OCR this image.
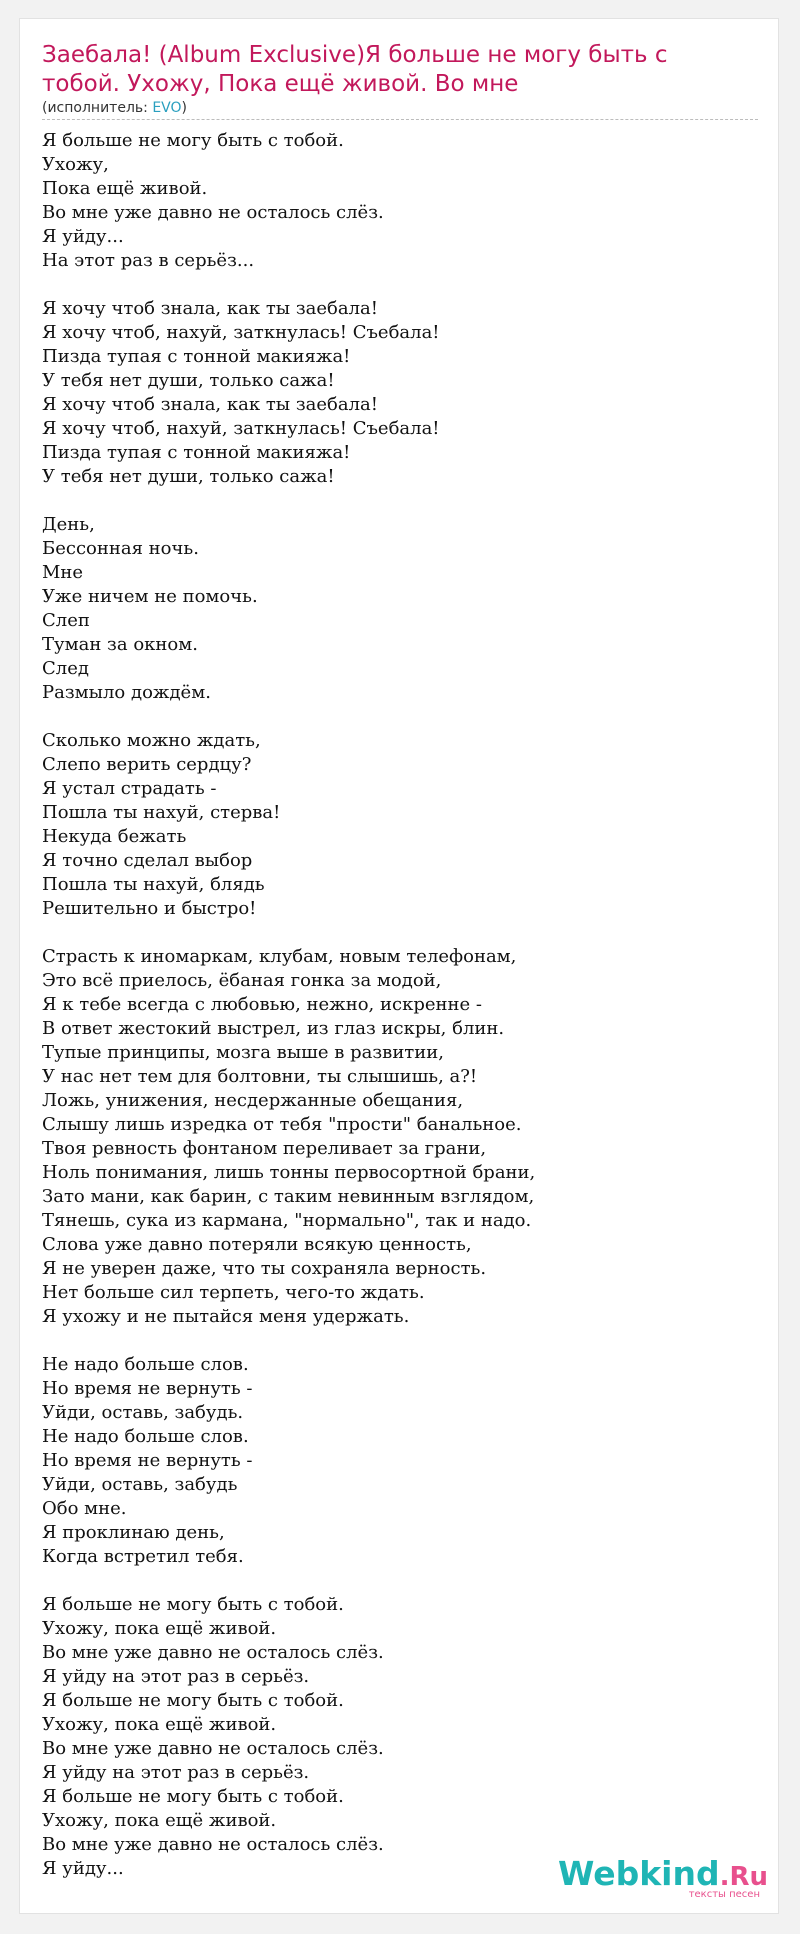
Заебала! (Album Exclusive)Я больше не могу быть с тобой. Ухожу, Пока ещё живой. Во мне
(исполнитель: EVO)
Я больше не могу быть с тобой.
Ухожу,
Пока ещё живой.
Во мне уже давно не осталось слёз.
Я уйду...
На этот раз в серьёз...
Я хочу чтоб знала, как ты заебала!
Я хочу чтоб, нахуй, заткнулась! Съебала!
Пизда тупая с тонной макияжа!
У тебя нет души, только сажа!
Я хочу чтоб знала, как ты заебала!
Я хочу чтоб, нахуй, заткнулась! Съебала!
Пизда тупая с тонной макияжа!
У тебя нет души, только сажа!
День,
Бессонная ночь.
Мне
Уже ничем не помочь.
Слеп
Туман за окном.
След
Размыло дождём.
Сколько можно ждать,
Слепо верить сердцу?
Я устал страдать -
Пошла ты нахуй, стерва!
Некуда бежать
Я точно сделал выбор
Пошла ты нахуй, блядь
Решительно и быстро!
Страсть к иномаркам, клубам, новым телефонам,
Это всё приелось, ёбаная гонка за модой,
Я к тебе всегда с любовью, нежно, искренне -
В ответ жестокий выстрел, из глаз искры, блин.
Тупые принципы, мозга выше в развитии,
У нас нет тем для болтовни, ты слышишь, а?!
Ложь, унижения, несдержанные обещания,
Слышу лишь изредка от тебя "прости" банальное.
Твоя ревность фонтаном переливает за грани,
Ноль понимания, лишь тонны первосортной брани,
Зато мани, как барин, с таким невинным взглядом,
Тянешь, сука из кармана, "нормально", так и надо.
Слова уже давно потеряли всякую ценность,
Я не уверен даже, что ты сохраняла верность.
Нет больше сил терпеть, чего-то ждать.
Я ухожу и не пытайся меня удержать.
Не надо больше слов.
Но время не вернуть -
Уйди, оставь, забудь.
Не надо больше слов.
Но время не вернуть -
Уйди, оставь, забудь
Обо мне.
Я проклинаю день,
Когда встретил тебя.
Я больше не могу быть с тобой.
Ухожу, пока ещё живой.
Во мне уже давно не осталось слёз.
Я уйду на этот раз в серьёз.
Я больше не могу быть с тобой.
Ухожу, пока ещё живой.
Во мне уже давно не осталось слёз.
Я уйду на этот раз в серьёз.
Я больше не могу быть с тобой.
Ухожу, пока ещё живой.
Во мне уже давно не осталось слёз.
Я уйду...	Webkind.Ru
тексты песен
